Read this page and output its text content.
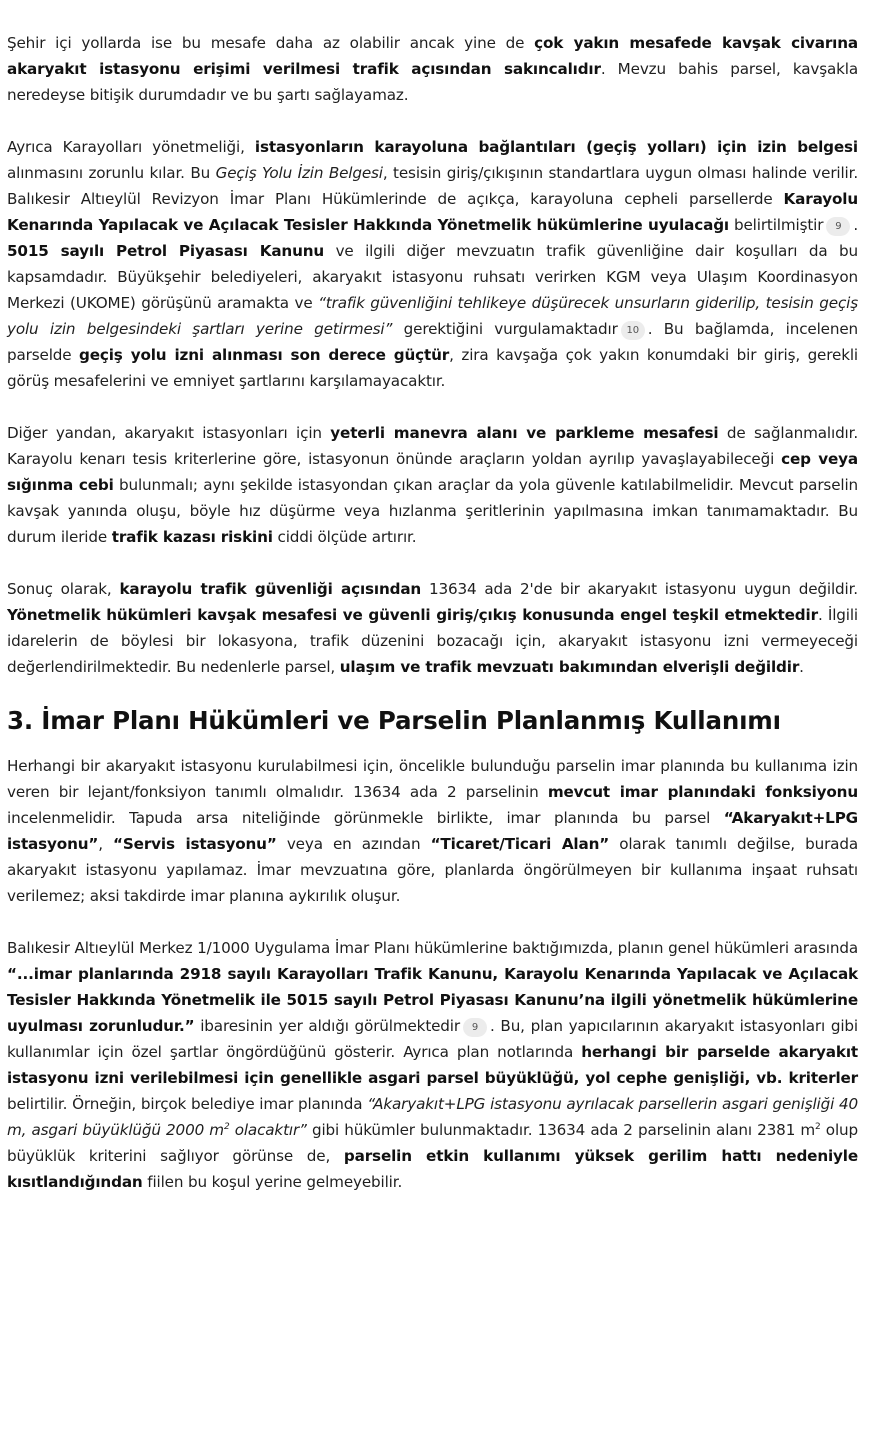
Şehir içi yollarda ise bu mesafe daha az olabilir ancak yine de çok yakın mesafede kavşak civarına akaryakıt istasyonu erişimi verilmesi trafik açısından sakıncalıdır. Mevzu bahis parsel, kavşakla neredeyse bitişik durumdadır ve bu şartı sağlayamaz.

Ayrıca Karayolları yönetmeliği, istasyonların karayoluna bağlantıları (geçiş yolları) için izin belgesi alınmasını zorunlu kılar. Bu Geçiş Yolu İzin Belgesi, tesisin giriş/çıkışının standartlara uygun olması halinde verilir. Balıkesir Altıeylül Revizyon İmar Planı Hükümlerinde de açıkça, karayoluna cepheli parsellerde Karayolu Kenarında Yapılacak ve Açılacak Tesisler Hakkında Yönetmelik hükümlerine uyulacağı belirtilmiştir 9 . 5015 sayılı Petrol Piyasası Kanunu ve ilgili diğer mevzuatın trafik güvenliğine dair koşulları da bu kapsamdadır. Büyükşehir belediyeleri, akaryakıt istasyonu ruhsatı verirken KGM veya Ulaşım Koordinasyon Merkezi (UKOME) görüşünü aramakta ve “trafik güvenliğini tehlikeye düşürecek unsurların giderilip, tesisin geçiş yolu izin belgesindeki şartları yerine getirmesi” gerektiğini vurgulamaktadır 10 . Bu bağlamda, incelenen parselde geçiş yolu izni alınması son derece güçtür, zira kavşağa çok yakın konumdaki bir giriş, gerekli görüş mesafelerini ve emniyet şartlarını karşılamayacaktır.

Diğer yandan, akaryakıt istasyonları için yeterli manevra alanı ve parkleme mesafesi de sağlanmalıdır. Karayolu kenarı tesis kriterlerine göre, istasyonun önünde araçların yoldan ayrılıp yavaşlayabileceği cep veya sığınma cebi bulunmalı; aynı şekilde istasyondan çıkan araçlar da yola güvenle katılabilmelidir. Mevcut parselin kavşak yanında oluşu, böyle hız düşürme veya hızlanma şeritlerinin yapılmasına imkan tanımamaktadır. Bu durum ileride trafik kazası riskini ciddi ölçüde artırır.

Sonuç olarak, karayolu trafik güvenliği açısından 13634 ada 2'de bir akaryakıt istasyonu uygun değildir. Yönetmelik hükümleri kavşak mesafesi ve güvenli giriş/çıkış konusunda engel teşkil etmektedir. İlgili idarelerin de böylesi bir lokasyona, trafik düzenini bozacağı için, akaryakıt istasyonu izni vermeyeceği değerlendirilmektedir. Bu nedenlerle parsel, ulaşım ve trafik mevzuatı bakımından elverişli değildir.

3. İmar Planı Hükümleri ve Parselin Planlanmış Kullanımı

Herhangi bir akaryakıt istasyonu kurulabilmesi için, öncelikle bulunduğu parselin imar planında bu kullanıma izin veren bir lejant/fonksiyon tanımlı olmalıdır. 13634 ada 2 parselinin mevcut imar planındaki fonksiyonu incelenmelidir. Tapuda arsa niteliğinde görünmekle birlikte, imar planında bu parsel “Akaryakıt+LPG istasyonu”, “Servis istasyonu” veya en azından “Ticaret/Ticari Alan” olarak tanımlı değilse, burada akaryakıt istasyonu yapılamaz. İmar mevzuatına göre, planlarda öngörülmeyen bir kullanıma inşaat ruhsatı verilemez; aksi takdirde imar planına aykırılık oluşur.

Balıkesir Altıeylül Merkez 1/1000 Uygulama İmar Planı hükümlerine baktığımızda, planın genel hükümleri arasında “...imar planlarında 2918 sayılı Karayolları Trafik Kanunu, Karayolu Kenarında Yapılacak ve Açılacak Tesisler Hakkında Yönetmelik ile 5015 sayılı Petrol Piyasası Kanunu’na ilgili yönetmelik hükümlerine uyulması zorunludur.” ibaresinin yer aldığı görülmektedir 9 . Bu, plan yapıcılarının akaryakıt istasyonları gibi kullanımlar için özel şartlar öngördüğünü gösterir. Ayrıca plan notlarında herhangi bir parselde akaryakıt istasyonu izni verilebilmesi için genellikle asgari parsel büyüklüğü, yol cephe genişliği, vb. kriterler belirtilir. Örneğin, birçok belediye imar planında “Akaryakıt+LPG istasyonu ayrılacak parsellerin asgari genişliği 40 m, asgari büyüklüğü 2000 $m^2$ olacaktır” gibi hükümler bulunmaktadır. 13634 ada 2 parselinin alanı 2381 $m^2$ olup büyüklük kriterini sağlıyor görünse de, parselin etkin kullanımı yüksek gerilim hattı nedeniyle kısıtlandığından fiilen bu koşul yerine gelmeyebilir.
